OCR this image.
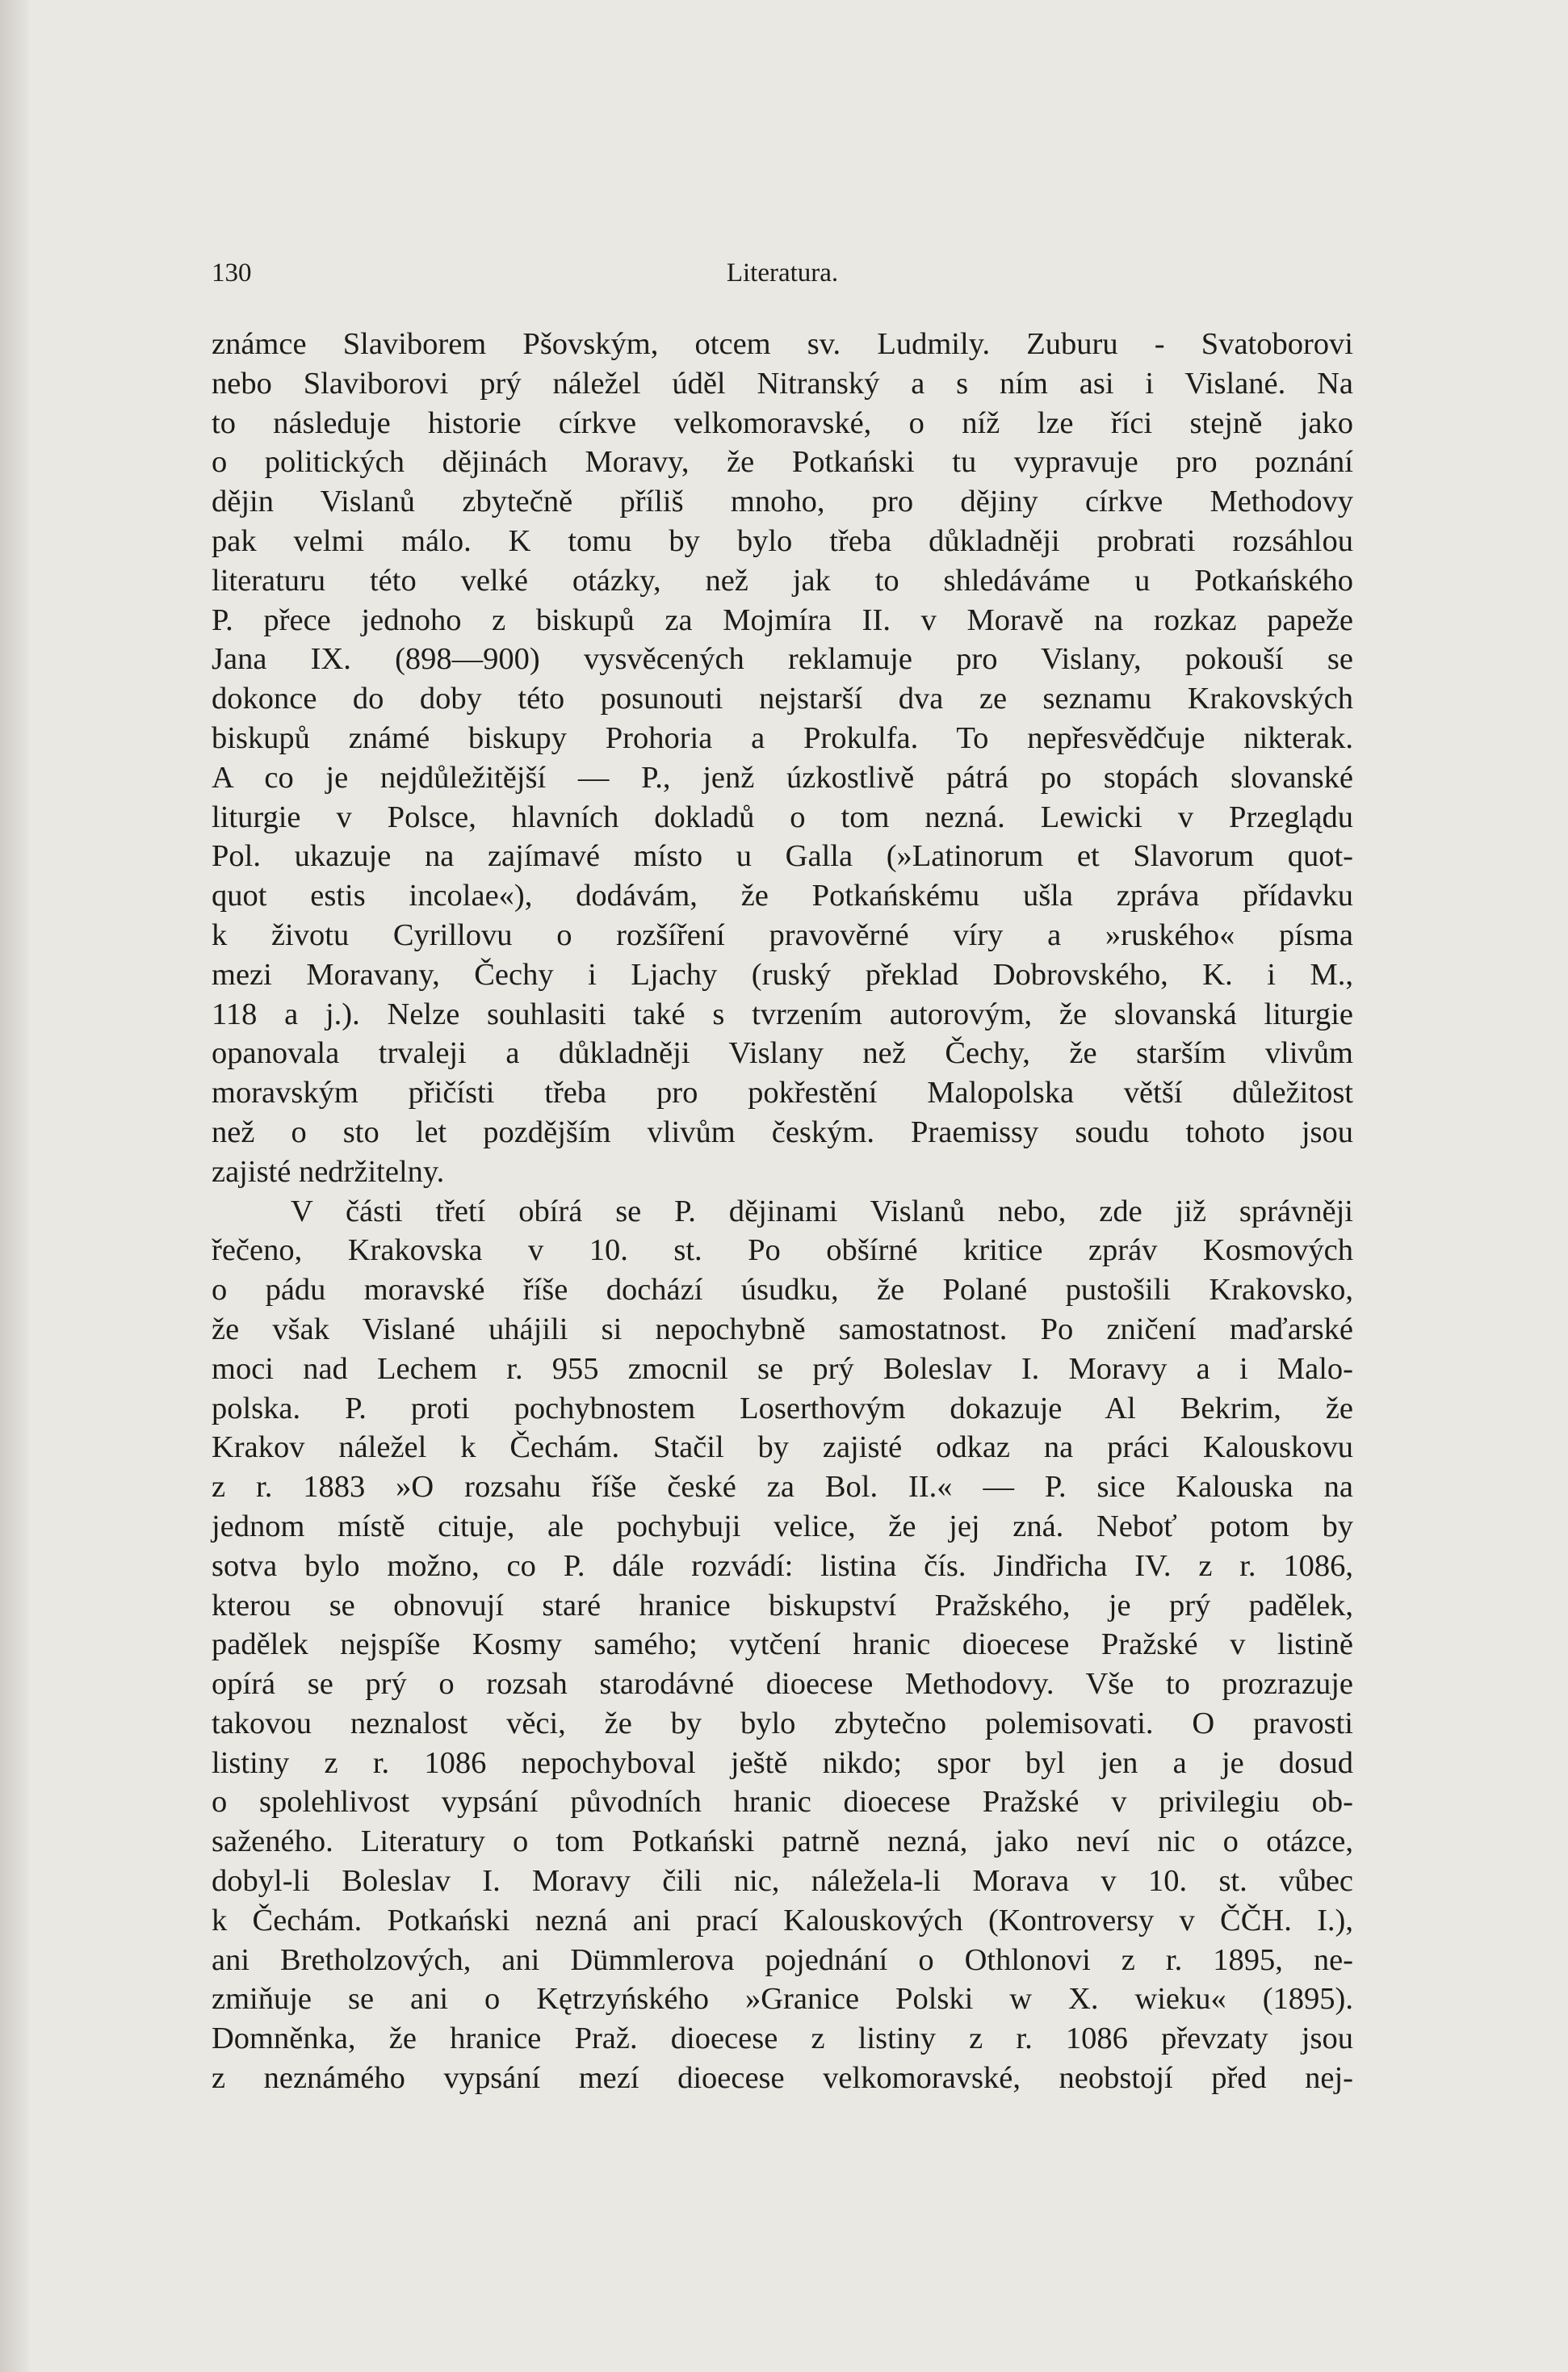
130	Literatura.
známce Slaviborem Pšovským, otcem sv. Ludmily. Zuburu - Svatoborovi
nebo Slaviborovi prý náležel úděl Nitranský a s ním asi i Vislané. Na
to následuje historie církve velkomoravské, o níž lze říci stejně jako
o politických dějinách Moravy, že Potkański tu vypravuje pro poznání
dějin Vislanů zbytečně příliš mnoho, pro dějiny církve Methodovy
pak velmi málo. K tomu by bylo třeba důkladněji probrati rozsáhlou
literaturu této velké otázky, než jak to shledáváme u Potkańského
P. přece jednoho z biskupů za Mojmíra II. v Moravě na rozkaz papeže
Jana IX. (898—900) vysvěcených reklamuje pro Vislany, pokouší se
dokonce do doby této posunouti nejstarší dva ze seznamu Krakovských
biskupů známé biskupy Prohoria a Prokulfa. To nepřesvědčuje nikterak.
A co je nejdůležitější — P., jenž úzkostlivě pátrá po stopách slovanské
liturgie v Polsce, hlavních dokladů o tom nezná. Lewicki v Przeglądu
Pol. ukazuje na zajímavé místo u Galla (»Latinorum et Slavorum quot-
quot estis incolae«), dodávám, že Potkańskému ušla zpráva přídavku
k životu Cyrillovu o rozšíření pravověrné víry a »ruského« písma
mezi Moravany, Čechy i Ljachy (ruský překlad Dobrovského, K. i M.,
118 a j.). Nelze souhlasiti také s tvrzením autorovým, že slovanská liturgie
opanovala trvaleji a důkladněji Vislany než Čechy, že starším vlivům
moravským přičísti třeba pro pokřestění Malopolska větší důležitost
než o sto let pozdějším vlivům českým. Praemissy soudu tohoto jsou
zajisté nedržitelny.
V části třetí obírá se P. dějinami Vislanů nebo, zde již správněji
řečeno, Krakovska v 10. st. Po obšírné kritice zpráv Kosmových
o pádu moravské říše dochází úsudku, že Polané pustošili Krakovsko,
že však Vislané uhájili si nepochybně samostatnost. Po zničení maďarské
moci nad Lechem r. 955 zmocnil se prý Boleslav I. Moravy a i Malo-
polska. P. proti pochybnostem Loserthovým dokazuje Al Bekrim, že
Krakov náležel k Čechám. Stačil by zajisté odkaz na práci Kalouskovu
z r. 1883 »O rozsahu říše české za Bol. II.« — P. sice Kalouska na
jednom místě cituje, ale pochybuji velice, že jej zná. Neboť potom by
sotva bylo možno, co P. dále rozvádí: listina čís. Jindřicha IV. z r. 1086,
kterou se obnovují staré hranice biskupství Pražského, je prý padělek,
padělek nejspíše Kosmy samého; vytčení hranic dioecese Pražské v listině
opírá se prý o rozsah starodávné dioecese Methodovy. Vše to prozrazuje
takovou neznalost věci, že by bylo zbytečno polemisovati. O pravosti
listiny z r. 1086 nepochyboval ještě nikdo; spor byl jen a je dosud
o spolehlivost vypsání původních hranic dioecese Pražské v privilegiu ob-
saženého. Literatury o tom Potkański patrně nezná, jako neví nic o otázce,
dobyl-li Boleslav I. Moravy čili nic, náležela-li Morava v 10. st. vůbec
k Čechám. Potkański nezná ani prací Kalouskových (Kontroversy v ČČH. I.),
ani Bretholzových, ani Dümmlerova pojednání o Othlonovi z r. 1895, ne-
zmiňuje se ani o Kętrzyńského »Granice Polski w X. wieku« (1895).
Domněnka, že hranice Praž. dioecese z listiny z r. 1086 převzaty jsou
z neznámého vypsání mezí dioecese velkomoravské, neobstojí před nej-
